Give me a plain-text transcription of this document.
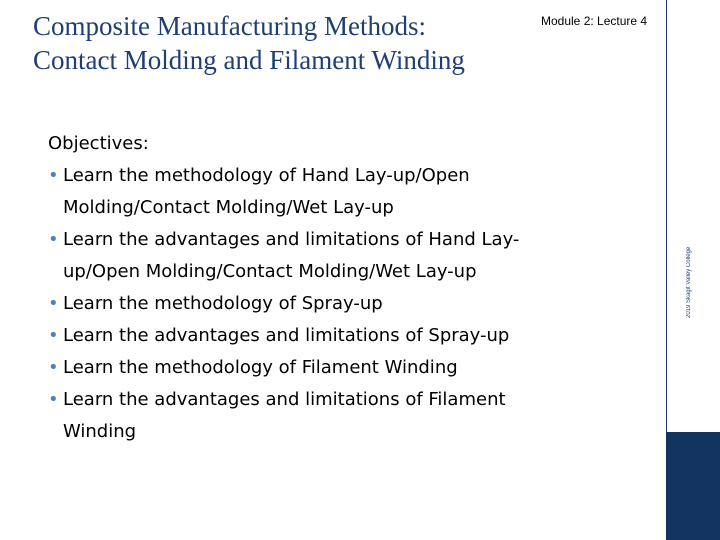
Composite Manufacturing Methods:
Contact Molding and Filament Winding
Module 2: Lecture 4
2019 Skagit Valley College
Objectives:
• Learn the methodology of Hand Lay-up/Open
Molding/Contact Molding/Wet Lay-up
• Learn the advantages and limitations of Hand Lay-
up/Open Molding/Contact Molding/Wet Lay-up
• Learn the methodology of Spray-up
• Learn the advantages and limitations of Spray-up
• Learn the methodology of Filament Winding
• Learn the advantages and limitations of Filament
Winding
